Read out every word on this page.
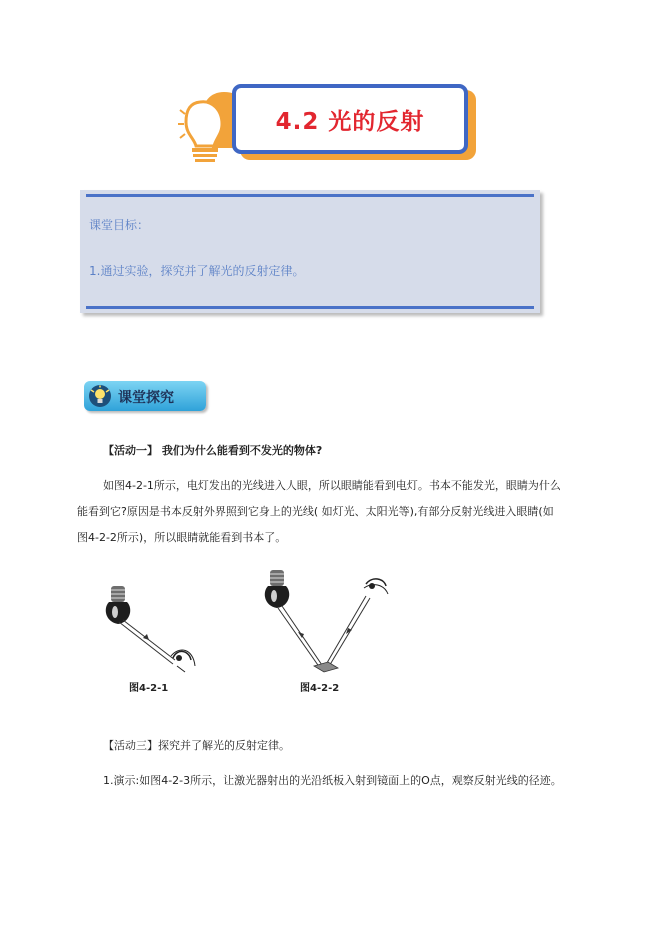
4.2 光的反射
课堂目标：
1.通过实验，探究并了解光的反射定律。
课堂探究
【活动一】 我们为什么能看到不发光的物体?

如图4-2-1所示，电灯发出的光线进入人眼，所以眼睛能看到电灯。书本不能发光，眼睛为什么

能看到它?原因是书本反射外界照到它身上的光线( 如灯光、太阳光等),有部分反射光线进入眼睛(如

图4-2-2所示)，所以眼睛就能看到书本了。

图4-2-1	图4-2-2
【活动三】探究并了解光的反射定律。
1.演示:如图4-2-3所示，让激光器射出的光沿纸板入射到镜面上的O点，观察反射光线的径迹。
